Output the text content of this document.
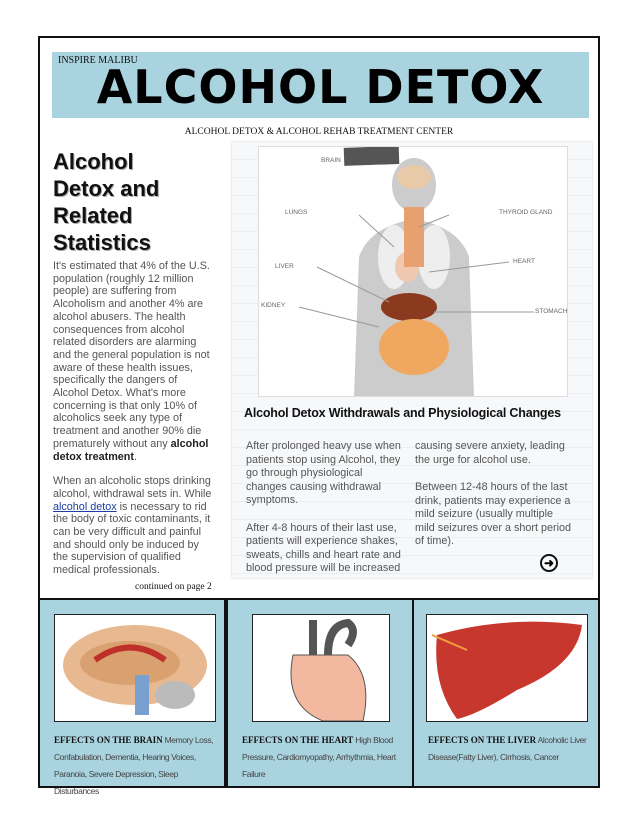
INSPIRE MALIBU
ALCOHOL DETOX
ALCOHOL DETOX & ALCOHOL REHAB TREATMENT CENTER
Alcohol
Detox and
Related
Statistics

It's estimated that 4% of the U.S. population (roughly 12 million people) are suffering from Alcoholism and another 4% are alcohol abusers. The health consequences from alcohol related disorders are alarming and the general population is not aware of these health issues, specifically the dangers of Alcohol Detox. What's more concerning is that only 10% of alcoholics seek any type of treatment and another 90% die prematurely without any alcohol detox treatment.

When an alcoholic stops drinking alcohol, withdrawal sets in. While alcohol detox is necessary to rid the body of toxic contaminants, it can be very difficult and painful and should only be induced by the supervision of qualified medical professionals.

continued on page 2
BRAIN
LUNGS	THYROID GLAND
LIVER
HEART
KIDNEY
STOMACH
Alcohol Detox Withdrawals and Physiological Changes

After prolonged heavy use when patients stop using Alcohol, they go through physiological changes causing withdrawal symptoms.

After 4-8 hours of their last use, patients will experience shakes, sweats, chills and heart rate and blood pressure will be increased

causing severe anxiety, leading the urge for alcohol use.

Between 12-48 hours of the last drink, patients may experience a mild seizure (usually multiple mild seizures over a short period of time).

➜
EFFECTS ON THE BRAIN Memory Loss, Confabulation, Dementia, Hearing Voices, Paranoia, Severe Depression, Sleep Disturbances
EFFECTS ON THE HEART High Blood Pressure, Cardiomyopathy, Arrhythmia, Heart Failure
EFFECTS ON THE LIVER Alcoholic Liver Disease(Fatty Liver), Cirrhosis, Cancer
